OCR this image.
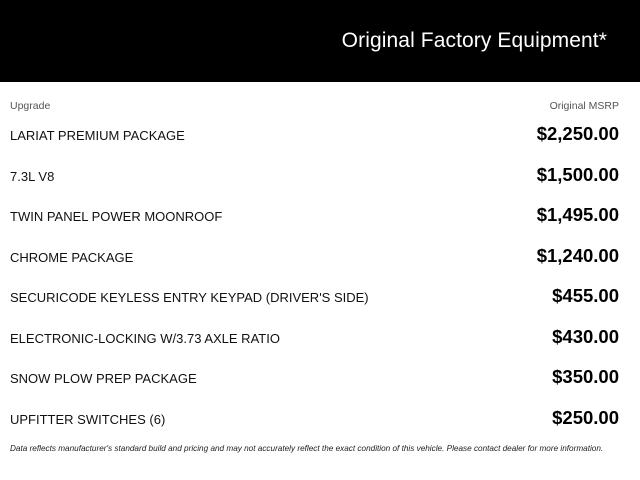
Original Factory Equipment*
Upgrade	Original MSRP
LARIAT PREMIUM PACKAGE	$2,250.00
7.3L V8	$1,500.00
TWIN PANEL POWER MOONROOF	$1,495.00
CHROME PACKAGE	$1,240.00
SECURICODE KEYLESS ENTRY KEYPAD (DRIVER'S SIDE)	$455.00
ELECTRONIC-LOCKING W/3.73 AXLE RATIO	$430.00
SNOW PLOW PREP PACKAGE	$350.00
UPFITTER SWITCHES (6)	$250.00
Data reflects manufacturer's standard build and pricing and may not accurately reflect the exact condition of this vehicle. Please contact dealer for more information.
